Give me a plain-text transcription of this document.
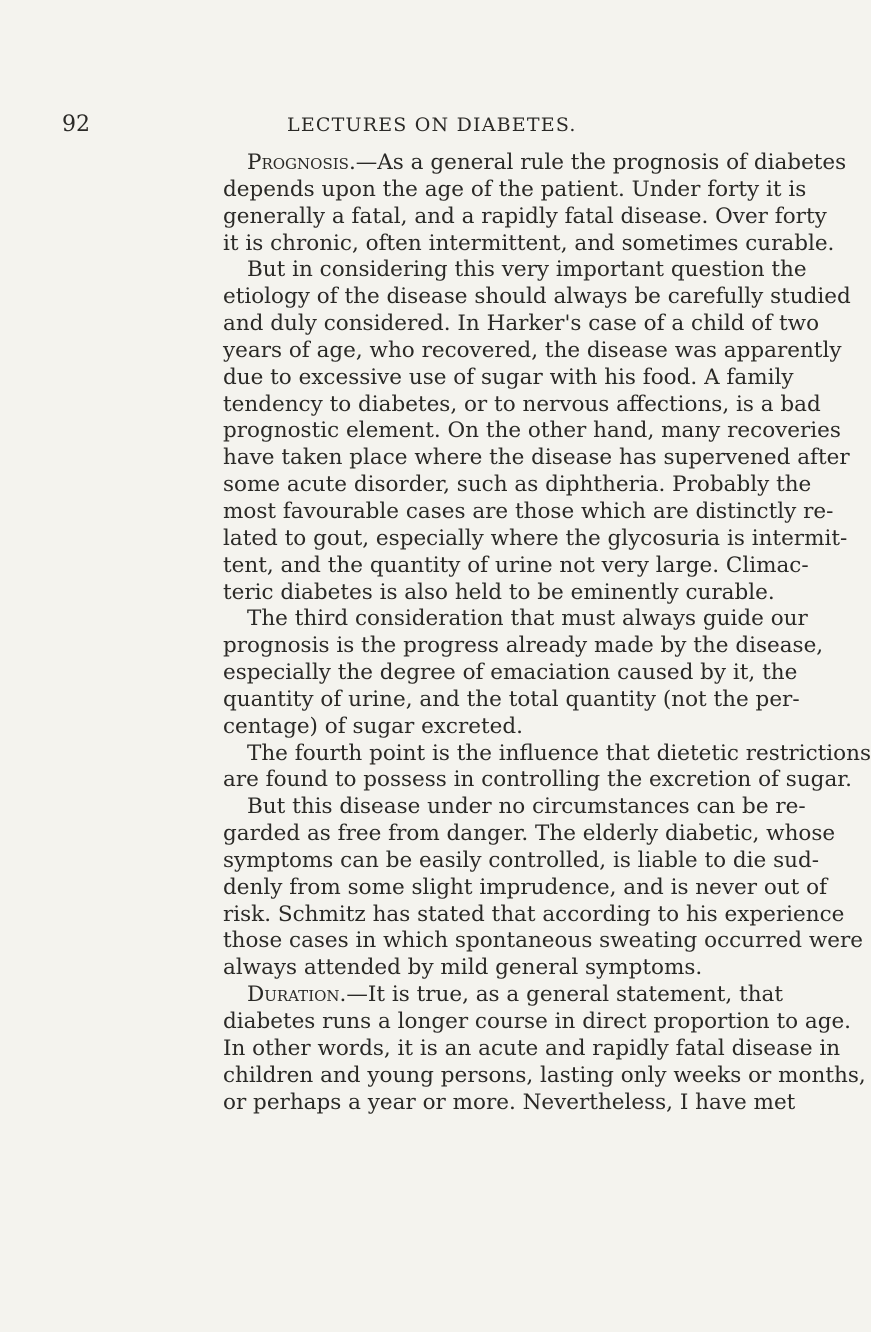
92	LECTURES ON DIABETES.
Prognosis.—As a general rule the prognosis of diabetes
depends upon the age of the patient. Under forty it is
generally a fatal, and a rapidly fatal disease. Over forty
it is chronic, often intermittent, and sometimes curable.
But in considering this very important question the
etiology of the disease should always be carefully studied
and duly considered. In Harker's case of a child of two
years of age, who recovered, the disease was apparently
due to excessive use of sugar with his food. A family
tendency to diabetes, or to nervous affections, is a bad
prognostic element. On the other hand, many recoveries
have taken place where the disease has supervened after
some acute disorder, such as diphtheria. Probably the
most favourable cases are those which are distinctly re-
lated to gout, especially where the glycosuria is intermit-
tent, and the quantity of urine not very large. Climac-
teric diabetes is also held to be eminently curable.
The third consideration that must always guide our
prognosis is the progress already made by the disease,
especially the degree of emaciation caused by it, the
quantity of urine, and the total quantity (not the per-
centage) of sugar excreted.
The fourth point is the influence that dietetic restrictions
are found to possess in controlling the excretion of sugar.
But this disease under no circumstances can be re-
garded as free from danger. The elderly diabetic, whose
symptoms can be easily controlled, is liable to die sud-
denly from some slight imprudence, and is never out of
risk. Schmitz has stated that according to his experience
those cases in which spontaneous sweating occurred were
always attended by mild general symptoms.
Duration.—It is true, as a general statement, that
diabetes runs a longer course in direct proportion to age.
In other words, it is an acute and rapidly fatal disease in
children and young persons, lasting only weeks or months,
or perhaps a year or more. Nevertheless, I have met
